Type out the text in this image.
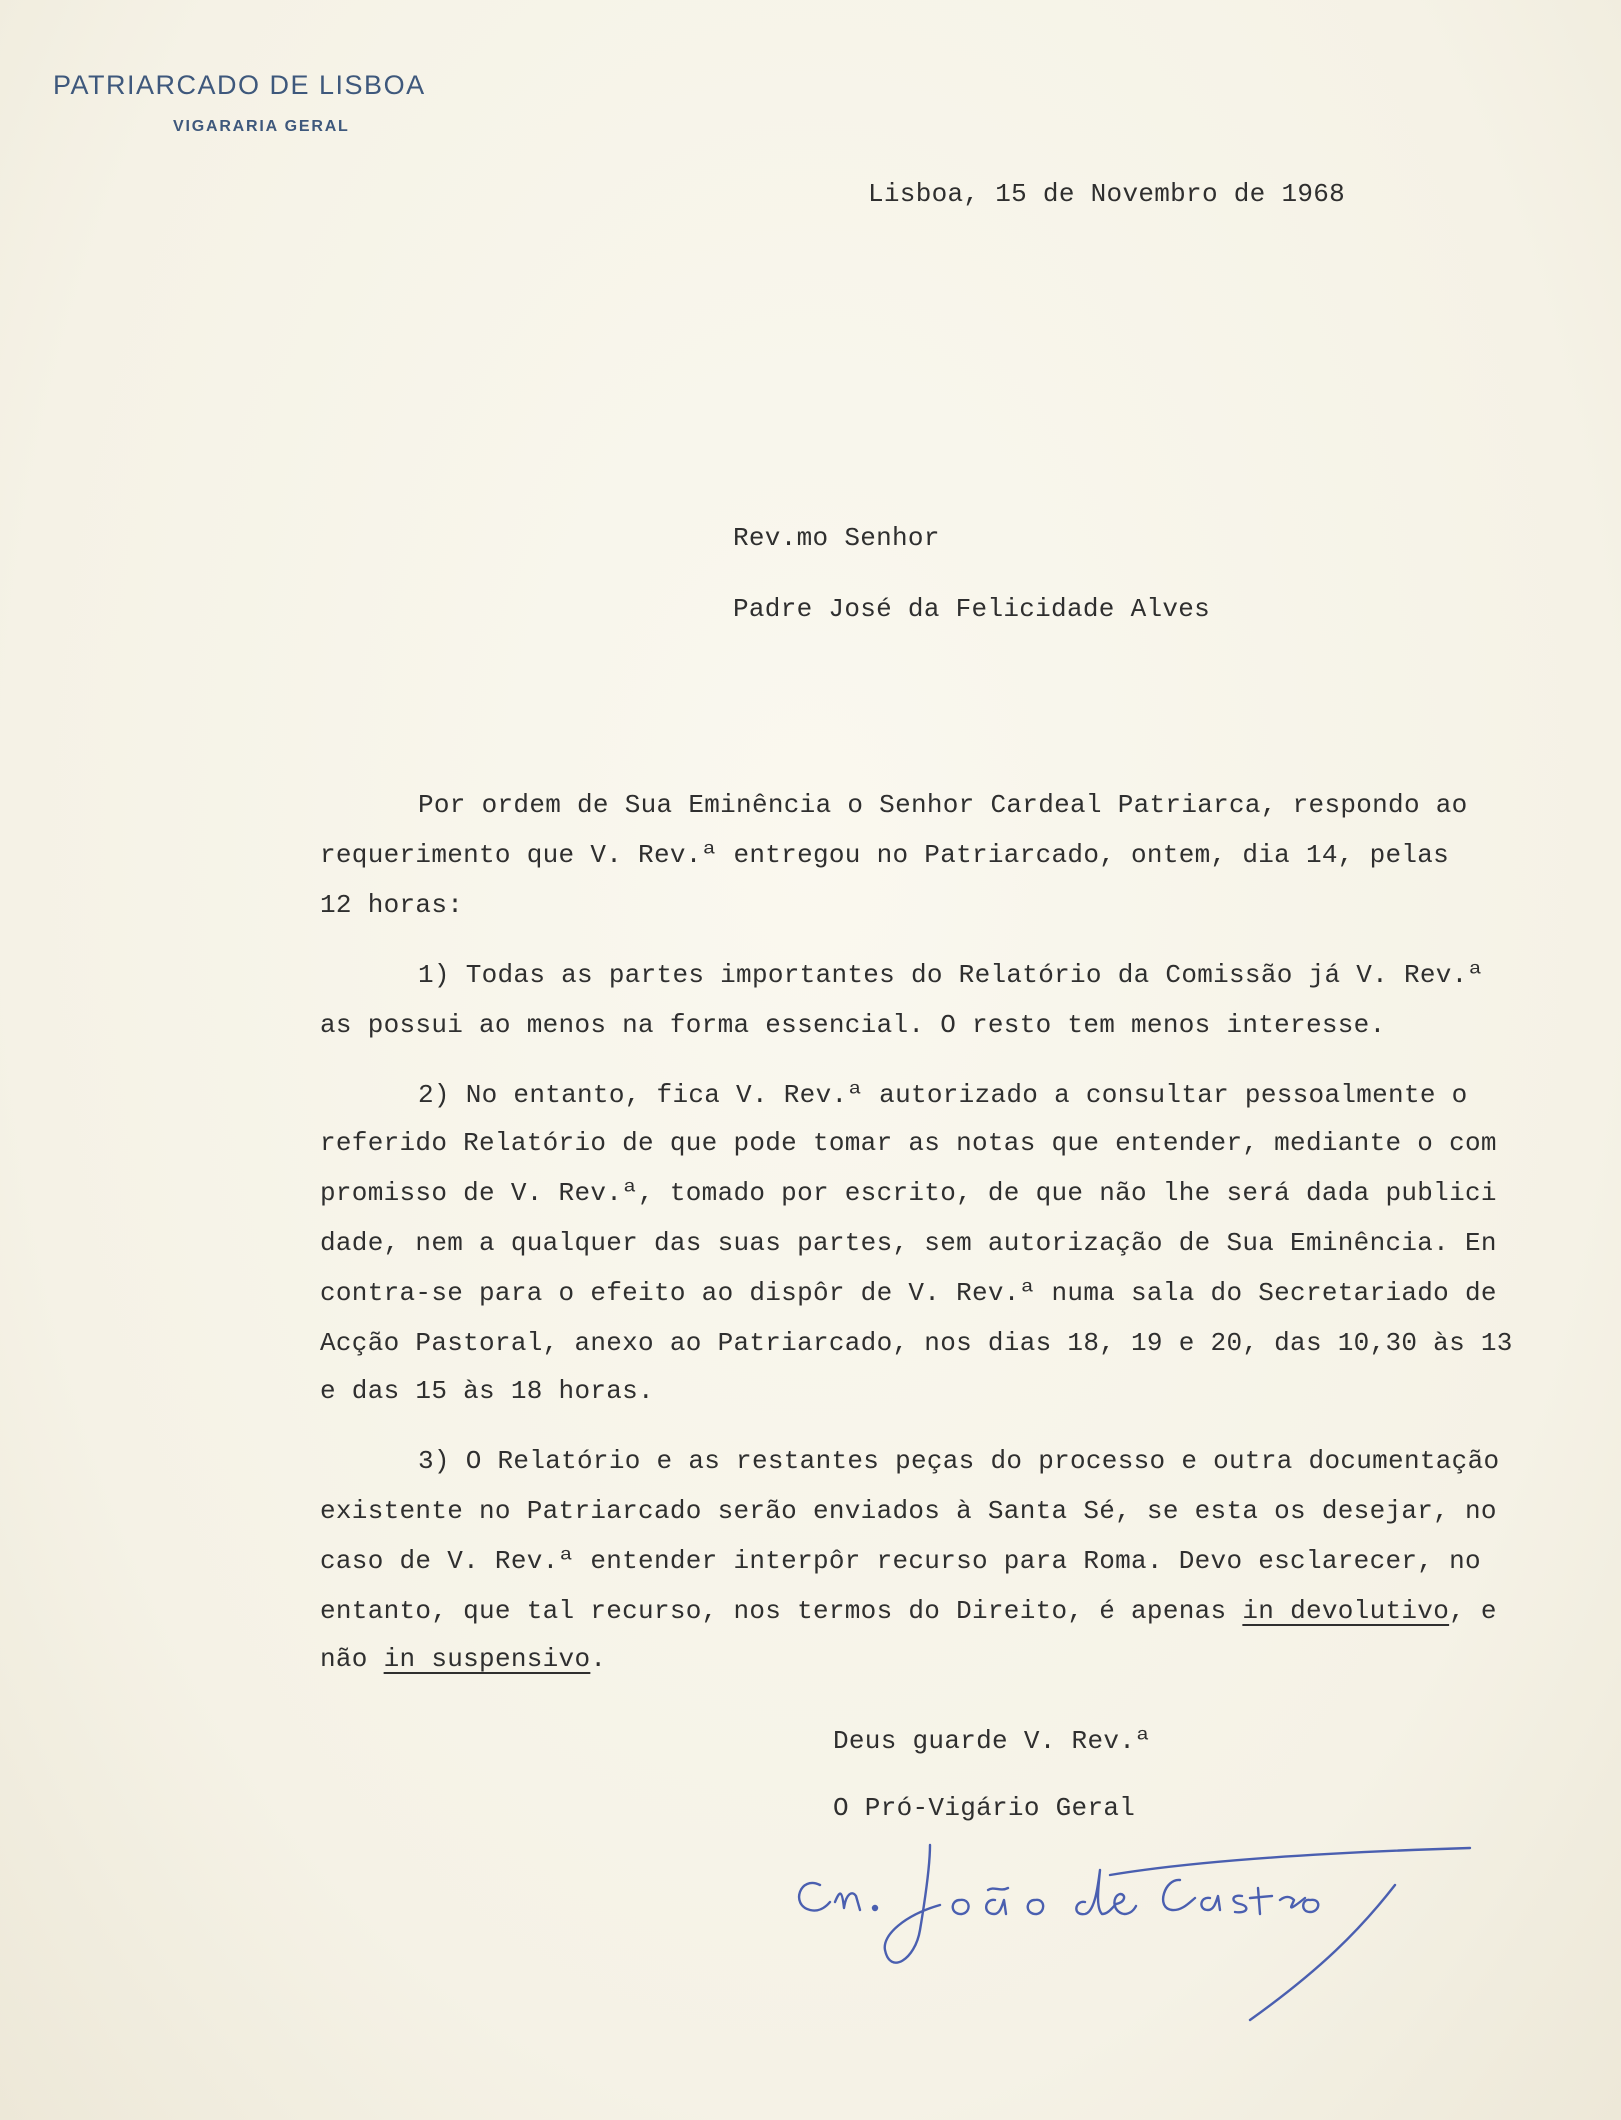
PATRIARCADO DE LISBOA
VIGARARIA GERAL
Lisboa, 15 de Novembro de 1968
Rev.mo Senhor
Padre José da Felicidade Alves
Por ordem de Sua Eminência o Senhor Cardeal Patriarca, respondo ao
requerimento que V. Rev.ª entregou no Patriarcado, ontem, dia 14, pelas
12 horas:
1) Todas as partes importantes do Relatório da Comissão já V. Rev.ª
as possui ao menos na forma essencial. O resto tem menos interesse.
2) No entanto, fica V. Rev.ª autorizado a consultar pessoalmente o
referido Relatório de que pode tomar as notas que entender, mediante o com
promisso de V. Rev.ª, tomado por escrito, de que não lhe será dada publici
dade, nem a qualquer das suas partes, sem autorização de Sua Eminência. En
contra-se para o efeito ao dispôr de V. Rev.ª numa sala do Secretariado de
Acção Pastoral, anexo ao Patriarcado, nos dias 18, 19 e 20, das 10,30 às 13
e das 15 às 18 horas.
3) O Relatório e as restantes peças do processo e outra documentação
existente no Patriarcado serão enviados à Santa Sé, se esta os desejar, no
caso de V. Rev.ª entender interpôr recurso para Roma. Devo esclarecer, no
entanto, que tal recurso, nos termos do Direito, é apenas in devolutivo, e
não in suspensivo.
Deus guarde V. Rev.ª
O Pró-Vigário Geral
